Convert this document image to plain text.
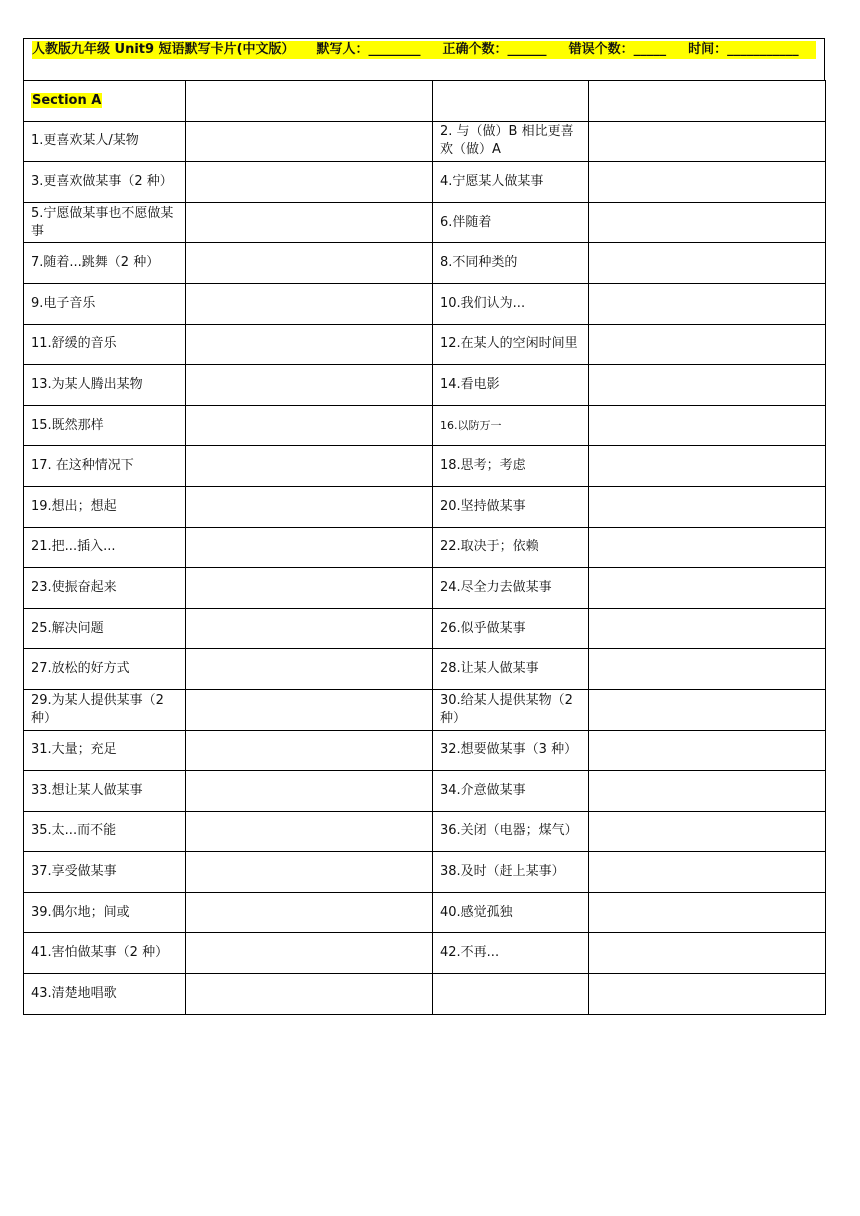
人教版九年级 Unit9 短语默写卡片(中文版） 默写人：________ 正确个数：______ 错误个数：_____ 时间：___________
Section A			
1.更喜欢某人/某物		2. 与（做）B 相比更喜欢（做）A	
3.更喜欢做某事（2 种）		4.宁愿某人做某事	
5.宁愿做某事也不愿做某事		6.伴随着	
7.随着...跳舞（2 种）		8.不同种类的	
9.电子音乐		10.我们认为...	
11.舒缓的音乐		12.在某人的空闲时间里	
13.为某人腾出某物		14.看电影	
15.既然那样		16.以防万一	
17. 在这种情况下		18.思考；考虑	
19.想出；想起		20.坚持做某事	
21.把...插入...		22.取决于；依赖	
23.使振奋起来		24.尽全力去做某事	
25.解决问题		26.似乎做某事	
27.放松的好方式		28.让某人做某事	
29.为某人提供某事（2 种）		30.给某人提供某物（2 种）	
31.大量；充足		32.想要做某事（3 种）	
33.想让某人做某事		34.介意做某事	
35.太...而不能		36.关闭（电器；煤气）	
37.享受做某事		38.及时（赶上某事）	
39.偶尔地；间或		40.感觉孤独	
41.害怕做某事（2 种）		42.不再...	
43.清楚地唱歌			
